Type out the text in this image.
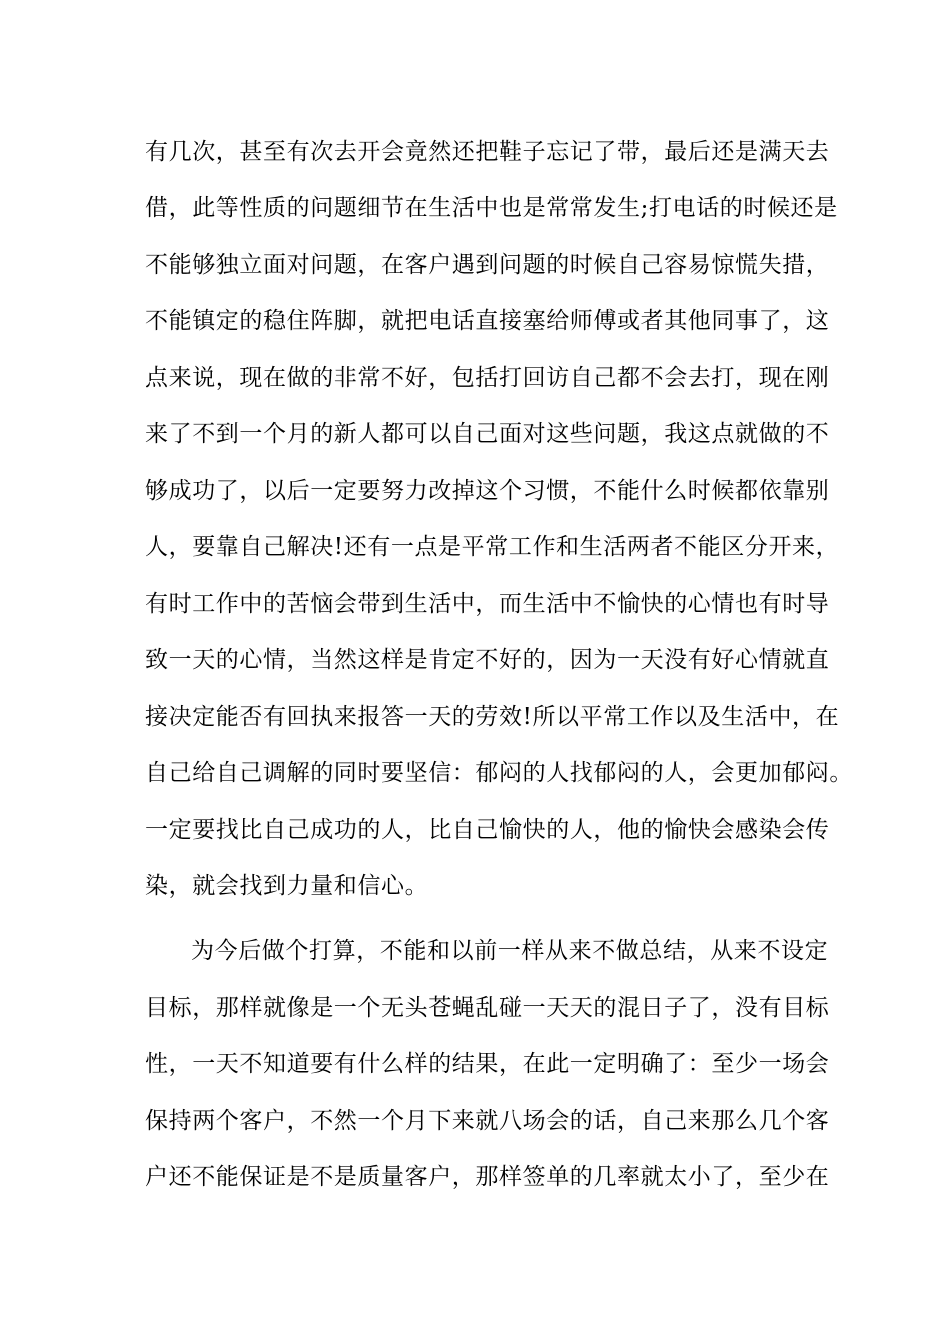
有几次，甚至有次去开会竟然还把鞋子忘记了带，最后还是满天去
借，此等性质的问题细节在生活中也是常常发生;打电话的时候还是
不能够独立面对问题，在客户遇到问题的时候自己容易惊慌失措，
不能镇定的稳住阵脚，就把电话直接塞给师傅或者其他同事了，这
点来说，现在做的非常不好，包括打回访自己都不会去打，现在刚
来了不到一个月的新人都可以自己面对这些问题，我这点就做的不
够成功了，以后一定要努力改掉这个习惯，不能什么时候都依靠别
人，要靠自己解决!还有一点是平常工作和生活两者不能区分开来，
有时工作中的苦恼会带到生活中，而生活中不愉快的心情也有时导
致一天的心情，当然这样是肯定不好的，因为一天没有好心情就直
接决定能否有回执来报答一天的劳效!所以平常工作以及生活中，在
自己给自己调解的同时要坚信：郁闷的人找郁闷的人，会更加郁闷。
一定要找比自己成功的人，比自己愉快的人，他的愉快会感染会传
染，就会找到力量和信心。
为今后做个打算，不能和以前一样从来不做总结，从来不设定
目标，那样就像是一个无头苍蝇乱碰一天天的混日子了，没有目标
性，一天不知道要有什么样的结果，在此一定明确了：至少一场会
保持两个客户，不然一个月下来就八场会的话，自己来那么几个客
户还不能保证是不是质量客户，那样签单的几率就太小了，至少在
